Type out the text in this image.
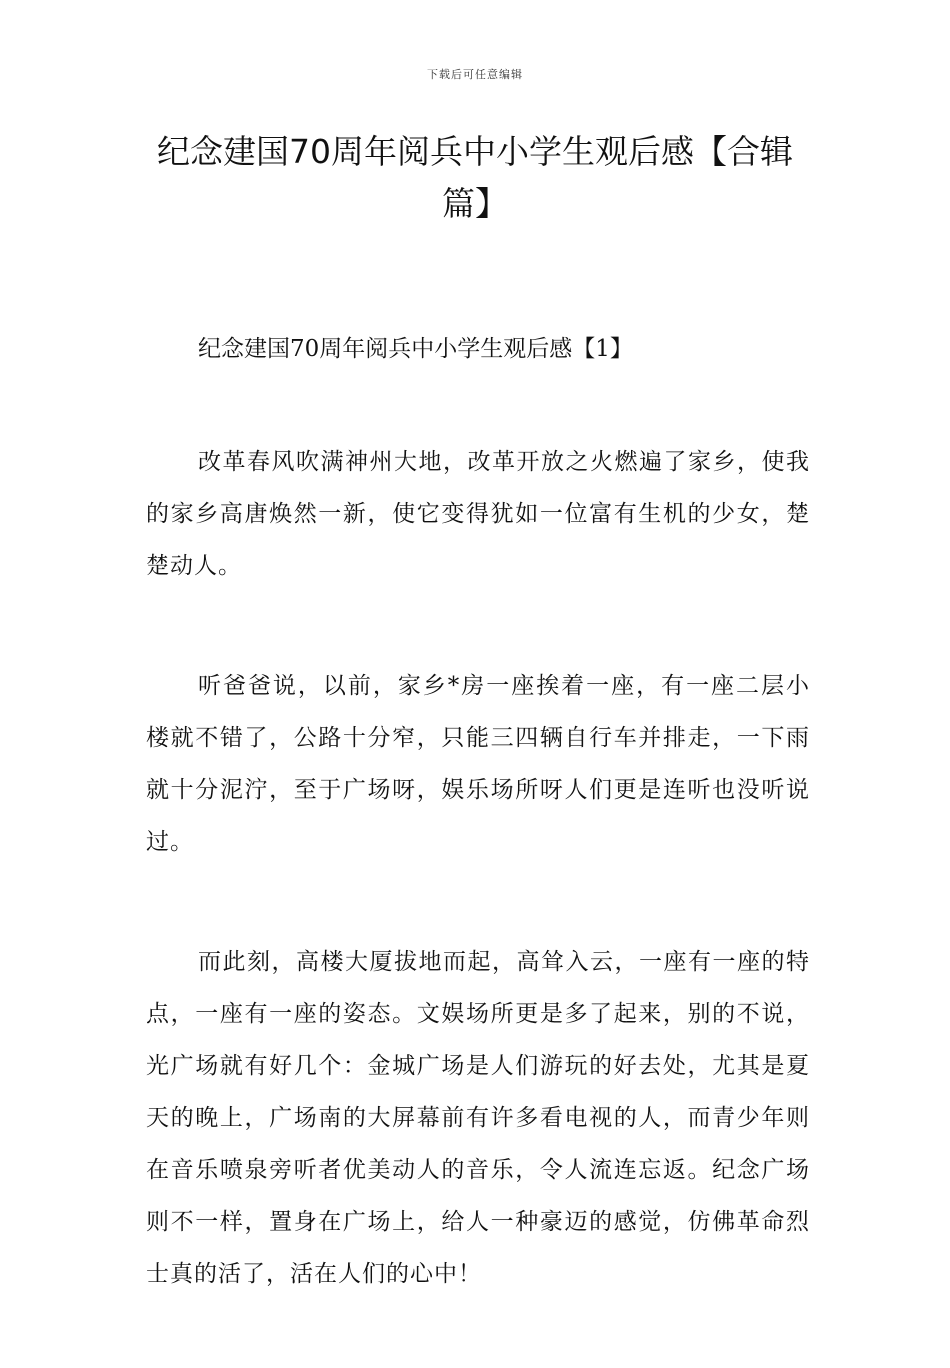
下载后可任意编辑
纪念建国70周年阅兵中小学生观后感【合辑篇】

纪念建国70周年阅兵中小学生观后感【1】

改革春风吹满神州大地，改革开放之火燃遍了家乡，使我的家乡高唐焕然一新，使它变得犹如一位富有生机的少女，楚楚动人。

听爸爸说，以前，家乡*房一座挨着一座，有一座二层小楼就不错了，公路十分窄，只能三四辆自行车并排走，一下雨就十分泥泞，至于广场呀，娱乐场所呀人们更是连听也没听说过。

而此刻，高楼大厦拔地而起，高耸入云，一座有一座的特点，一座有一座的姿态。文娱场所更是多了起来，别的不说，光广场就有好几个：金城广场是人们游玩的好去处，尤其是夏天的晚上，广场南的大屏幕前有许多看电视的人，而青少年则在音乐喷泉旁听者优美动人的音乐，令人流连忘返。纪念广场则不一样，置身在广场上，给人一种豪迈的感觉，仿佛革命烈士真的活了，活在人们的心中！
